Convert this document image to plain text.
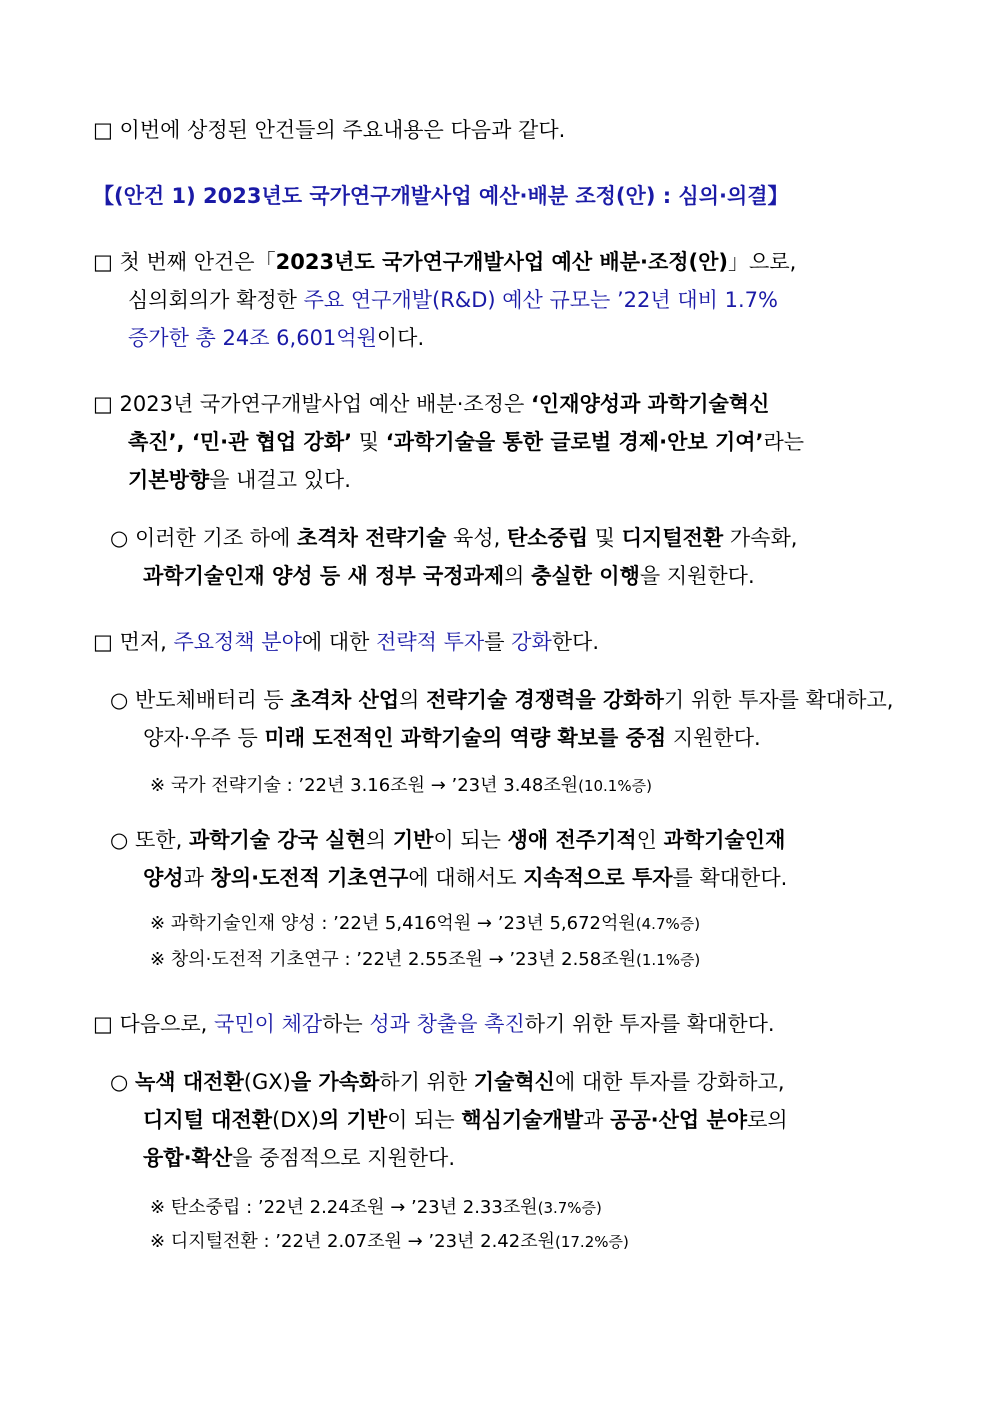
□ 이번에 상정된 안건들의 주요내용은 다음과 같다.
【(안건 1) 2023년도 국가연구개발사업 예산·배분 조정(안) : 심의·의결】
□ 첫 번째 안건은「2023년도 국가연구개발사업 예산 배분·조정(안)」으로,
심의회의가 확정한 주요 연구개발(R&D) 예산 규모는 ’22년 대비 1.7%
증가한 총 24조 6,601억원이다.
□ 2023년 국가연구개발사업 예산 배분·조정은 ‘인재양성과 과학기술혁신
촉진’, ‘민·관 협업 강화’ 및 ‘과학기술을 통한 글로벌 경제·안보 기여’라는
기본방향을 내걸고 있다.
○ 이러한 기조 하에 초격차 전략기술 육성, 탄소중립 및 디지털전환 가속화,
과학기술인재 양성 등 새 정부 국정과제의 충실한 이행을 지원한다.
□ 먼저, 주요정책 분야에 대한 전략적 투자를 강화한다.
○ 반도체배터리 등 초격차 산업의 전략기술 경쟁력을 강화하기 위한 투자를 확대하고,
양자·우주 등 미래 도전적인 과학기술의 역량 확보를 중점 지원한다.
※ 국가 전략기술 : ’22년 3.16조원 → ’23년 3.48조원(10.1%증)
○ 또한, 과학기술 강국 실현의 기반이 되는 생애 전주기적인 과학기술인재
양성과 창의·도전적 기초연구에 대해서도 지속적으로 투자를 확대한다.
※ 과학기술인재 양성 : ’22년 5,416억원 → ’23년 5,672억원(4.7%증)
※ 창의·도전적 기초연구 : ’22년 2.55조원 → ’23년 2.58조원(1.1%증)
□ 다음으로, 국민이 체감하는 성과 창출을 촉진하기 위한 투자를 확대한다.
○ 녹색 대전환(GX)을 가속화하기 위한 기술혁신에 대한 투자를 강화하고,
디지털 대전환(DX)의 기반이 되는 핵심기술개발과 공공·산업 분야로의
융합·확산을 중점적으로 지원한다.
※ 탄소중립 : ’22년 2.24조원 → ’23년 2.33조원(3.7%증)
※ 디지털전환 : ’22년 2.07조원 → ’23년 2.42조원(17.2%증)
